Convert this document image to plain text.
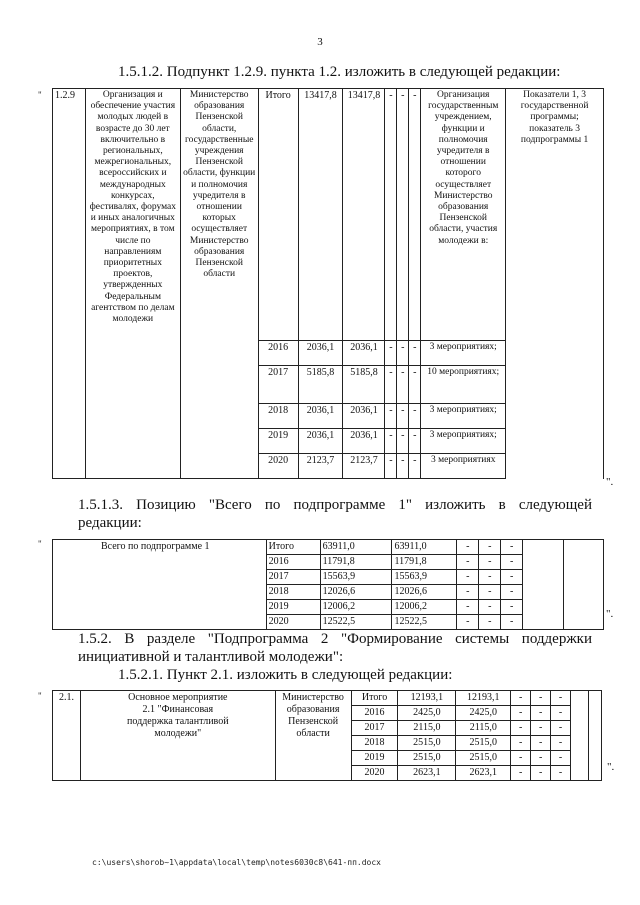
3
1.5.1.2. Подпункт 1.2.9. пункта 1.2. изложить в следующей редакции:
" 1.2.9	Организация и обеспечение участия молодых людей в возрасте до 30 лет включительно в региональных, межрегиональных, всероссийских и международных конкурсах, фестивалях, форумах и иных аналогичных мероприятиях, в том числе по направлениям приоритетных проектов, утвержденных Федеральным агентством по делам молодежи	Министерство образования Пензенской области, государственные учреждения Пензенской области, функции и полномочия учредителя в отношении которых осуществляет Министерство образования Пензенской области	Итого	13417,8	13417,8	-	-	-	Организация государственным учреждением, функции и полномочия учредителя в отношении которого осуществляет Министерство образования Пензенской области, участия молодежи в:	Показатели 1, 3 государственной программы; показатель 3 подпрограммы 1
			2016	2036,1	2036,1	-	-	-	3 мероприятиях;	
			2017	5185,8	5185,8	-	-	-	10 мероприятиях;	
			2018	2036,1	2036,1	-	-	-	3 мероприятиях;	
			2019	2036,1	2036,1	-	-	-	3 мероприятиях;	
			2020	2123,7	2123,7	-	-	-	3 мероприятиях	
".
1.5.1.3. Позицию "Всего по подпрограмме 1" изложить в следующей
редакции:
"	Всего по подпрограмме 1	Итого	63911,0	63911,0	-	-	-		
	2016	11791,8	11791,8	-	-	-		
	2017	15563,9	15563,9	-	-	-		
	2018	12026,6	12026,6	-	-	-		
	2019	12006,2	12006,2	-	-	-		
	2020	12522,5	12522,5	-	-	-		
".
1.5.2. В разделе "Подпрограмма 2 "Формирование системы поддержки
инициативной и талантливой молодежи":
1.5.2.1. Пункт 2.1. изложить в следующей редакции:
" 2.1.	Основное мероприятие 2.1 "Финансовая поддержка талантливой молодежи"	Министерство образования Пензенской области	Итого	12193,1	12193,1	-	-	-		
			2016	2425,0	2425,0	-	-	-		
			2017	2115,0	2115,0	-	-	-		
			2018	2515,0	2515,0	-	-	-		
			2019	2515,0	2515,0	-	-	-		
			2020	2623,1	2623,1	-	-	-			".
c:\users\shorob~1\appdata\local\temp\notes6030c8\641-пп.docx
